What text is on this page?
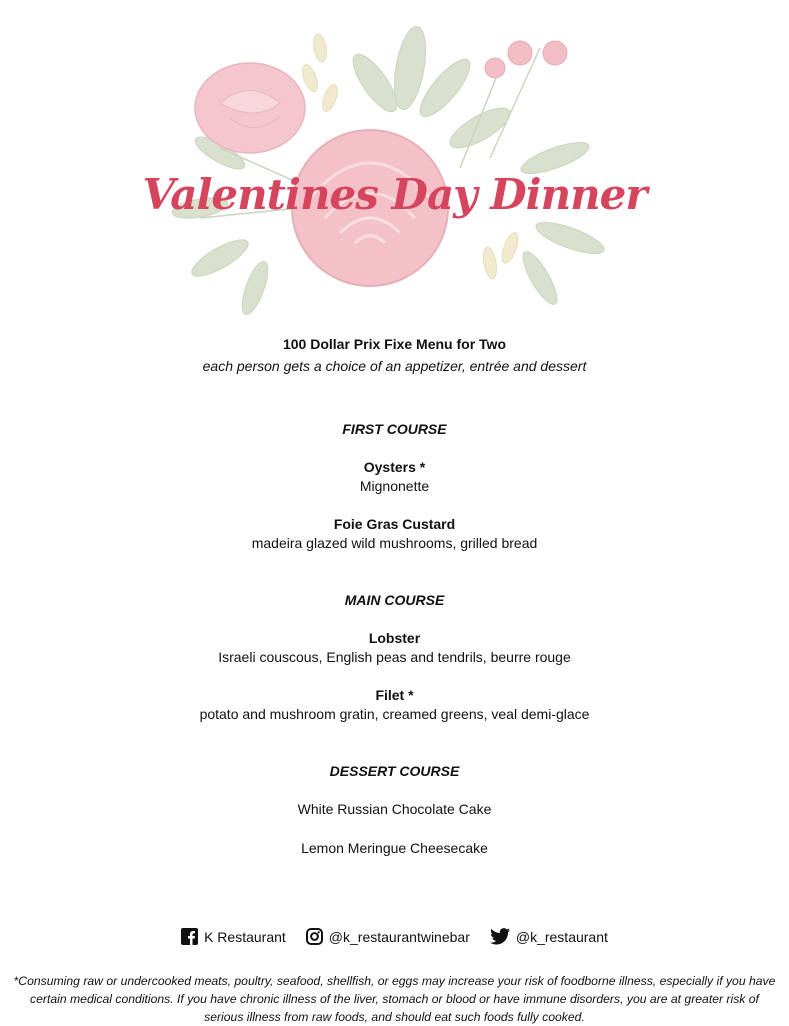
Valentines Day Dinner
100 Dollar Prix Fixe Menu for Two
each person gets a choice of an appetizer, entrée and dessert
FIRST COURSE
Oysters *
Mignonette
Foie Gras Custard
madeira glazed wild mushrooms, grilled bread
MAIN COURSE
Lobster
Israeli couscous, English peas and tendrils, beurre rouge
Filet *
potato and mushroom gratin, creamed greens, veal demi-glace
DESSERT COURSE
White Russian Chocolate Cake
Lemon Meringue Cheesecake
K Restaurant	@k_restaurantwinebar	@k_restaurant
*Consuming raw or undercooked meats, poultry, seafood, shellfish, or eggs may increase your risk of foodborne illness, especially if you have certain medical conditions. If you have chronic illness of the liver, stomach or blood or have immune disorders, you are at greater risk of serious illness from raw foods, and should eat such foods fully cooked.
